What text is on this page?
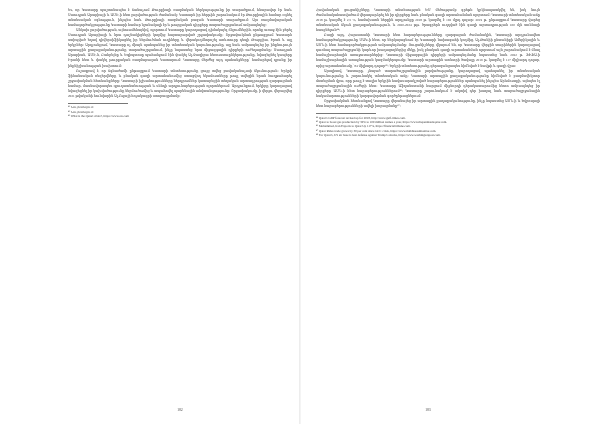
Եւ, որ Կատարը պաշտոնապես է ճանաչում Թուրքիայի ռազմական ներկայությունը իր տարածքում, հնարավոր էր նաև Սաուդյան Արաբիայի և ԱՄԷ-ի հետ լարվածության ժամանակ։ Կատարն իր հերթին շարունակում էր Թուրքիային համար օգնել տնտեսական օգնություն, ինչպես նաև Թուրքիայի ռազմական բազան Կատարի տարածքում։ Այս ռազմավարական համագործակցությունը Կատարի համար նշանակալի էր և թուրքական դիրքերը տարածաշրջանում ամրապնդեց։

Անկախ լարվածության, այնուամենայնիվ, ոլորտում Կատարը կարողացավ դիմակայել ճնշումներին, որոնք առաջ էին բերել Սաուդյան Արաբիայի և նրա դաշնակիցների կողմից հայտարարված շրջափակումը։ Շրջափակման ընթացքում Կատարն ստիպված եղավ դիվերսիֆիկացնել իր ներմուծման ուղիները և վերակողմնորոշել առևտուրը դեպի Թուրքիա, Իրան և այլ երկրներ։ Արդյունքում, Կատարը ոչ միայն պահպանեց իր տնտեսական կայունությունը, այլ նաև ամրապնդեց իր ինքնուրույն արտաքին քաղաքականությունը տարածաշրջանում, ինչը նպաստեց նրա միջազգային դիրքերի ուժեղացմանը։ Սաուդյան Արաբիան, ԱՄԷ-ն, Բահրեյնը և Եգիպտոսը պահանջում էին փակել Ալ-Ջազիրա հեռուստաընկերությունը, նվազեցնել կապերը Իրանի հետ և փակել թուրքական ռազմաբազան Կատարում։ Կատարը մերժեց այդ պահանջները՝ համարելով դրանք իր ինքնիշխանության խախտում։

Ուշագրավ է, որ ճգնաժամի ընթացքում Կատարի տնտեսությունը ցույց տվեց բավականաչափ ճկունություն։ Երկրի ֆինանսական ռեզերվները և բնական գազի արտահանումից ստացվող եկամուտները թույլ տվեցին նրան հաղթահարել շրջափակման հետևանքները։ Կատարի իշխանությունները ներդրումներ կատարեցին տեղական արտադրության զարգացման համար, մասնավորապես գյուղատնտեսության և սննդի արդյունաբերության ոլորտներում։ Արդյունքում, երկիրը կարողացավ նվազեցնել իր կախվածությունը ներմուծումից և ապահովել պարենային անվտանգությունը։ Շրջափակումը, ի վերջո, վերացվեց 2021 թվականի հունվարին Ալ-Ուլայի հռչակագրի ստորագրմամբ։

⁴¹ Նույն տեղում։
⁴² Նույն տեղում։
⁴³ What is the Qatari crisis?, https://www.aw.com
182

Հավանական ցուցանիշները Կատարի տնտեսության ԵՄ մեծությամբ գրեթե կրկնապատկվել են, իսկ նույն ժամանակահատվածում վերադարձրել են իր դիրքերը նաև բնական գազի արտահանման ոլորտում։ Կատարի տնտեսական աճը 2018 թ. կազմել է 2,5 %, համախառն ներքին արդյունքը 2018 թ. կազմել է 192 մլրդ դոլար։ 2019 թ. ընթացքում Կատարը վարեց տնտեսական ճկուն քաղաքականություն, և 2020-2024 թթ. ծրագրերն ուղղված էին գազի արտադրության 100 մլն տոննայի հասցնելուն⁴⁴։

Բացի այդ, Հայաստանի Կատարի հետ հարաբերությունները զարգացան ժամանակին, Կատարի արդյունավետ համագործակցությունը ՄԱԿ-ի հետ, որ ներկայացնում էր Կատարի նախագահի կողմից, Ալ-Թանիի ընտանիքի Ամերիկային և ԱՄՆ-ի հետ համագործակցության ամրապնդմանը։ Ցուցանիշները վկայում են, որ Կատարը վերջին տարիներին կարողացավ դառնալ տարածաշրջանի կարևոր խաղացողներից մեկը, իսկ բնական գազի արտահանման ոլորտում այն շարունակում է մնալ համաշխարհային առաջատարներից։ Կատարի միջազգային դիրքերի ամրապնդմանը նպաստեց նաև 2022 թ. ՖԻՖԱ-ի համաշխարհային առաջնության կազմակերպումը։ Կատարի արտաքին առևտրի ծավալը 2019 թ. կազմել է 117 միլիարդ դոլար, որից արտահանումը՝ 84 միլիարդ դոլար⁴⁵։ Երկրի տնտեսությունը գերազանցապես հիմնված է նավթի և գազի վրա։

Այսպիսով, Կատարը, չնայած տարածաշրջանային լարվածությանը, կարողացավ պահպանել իր տնտեսական կայունությունը և շարունակել տնտեսական աճը։ Կատարի արտաքին քաղաքականությունը հիմնված է բազմավեկտոր մոտեցման վրա, որը թույլ է տալիս երկրին հավասարակշռված հարաբերություններ պահպանել ինչպես Արևմուտքի, այնպես էլ տարածաշրջանային ուժերի հետ։ Կատարը Աֆղանստանի հարցում միջնորդի դերակատարումից հետո ամրապնդեց իր դիրքերը ԱՄՆ-ի հետ հարաբերություններում⁴⁶։ Կատարը շարունակում է ակտիվ դեր խաղալ նաև տարածաշրջանային հակամարտությունների կարգավորման գործընթացներում։

Շրջափակման հետևանքով Կատարը վերանայեց իր արտաքին քաղաքականությունը, ինչը նպաստեց ԱՄՆ-ի և Եվրոպայի հետ հարաբերությունների ավելի խորացմանը⁴⁷։

⁴⁴ Qatar's GDP forecast revised up for 2018, http://www.gulf-times.com.
⁴⁵ Qatar to boost gas production by 30% to 100 million tonnes a year, https://www.thepeninsulaqatar.com.
⁴⁶ Mohammed, Iran Exports to Qatar Up 117%, https://financialtribune.com.
⁴⁷ Qatar Rides trade grows by 30 per cent since GCC crisis, https://www.middleeastmonitor.com.
⁴⁸ For Qatar's, US air base is best defense against Trump's attacks, https://www.washingtonpost.com.
183
